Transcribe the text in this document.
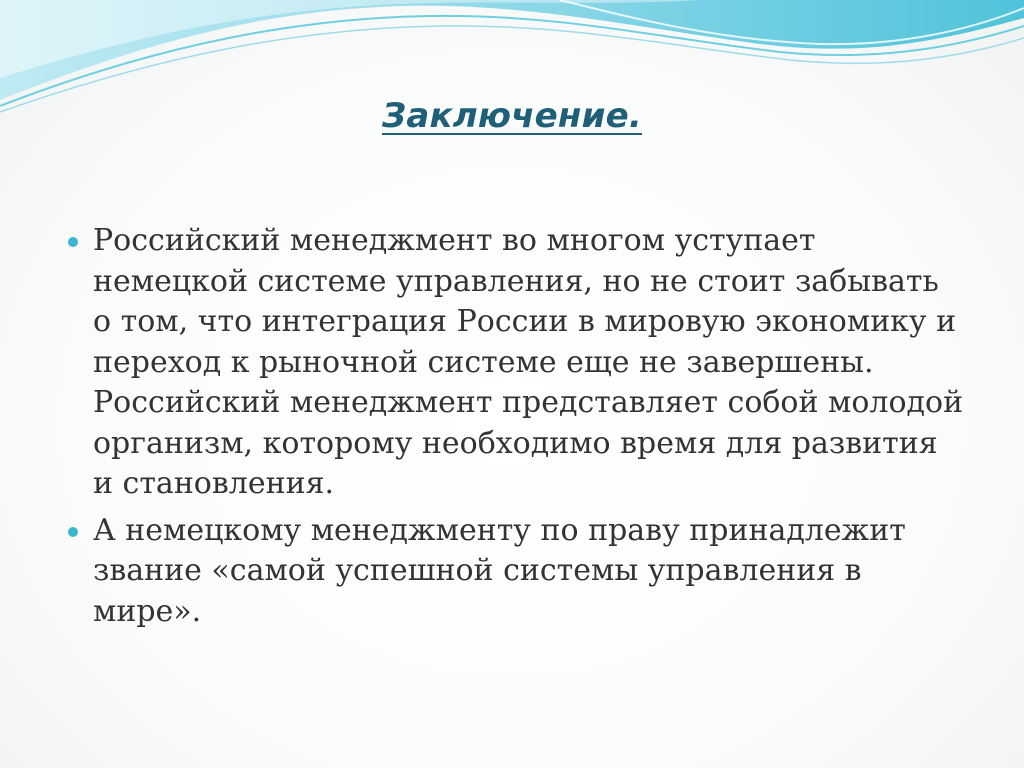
Заключение.
Российский менеджмент во многом уступает немецкой системе управления, но не стоит забывать о том, что интеграция России в мировую экономику и переход к рыночной системе еще не завершены. Российский менеджмент представляет собой молодой организм, которому необходимо время для развития и становления.
А немецкому менеджменту по праву принадлежит звание «самой успешной системы управления в мире».
